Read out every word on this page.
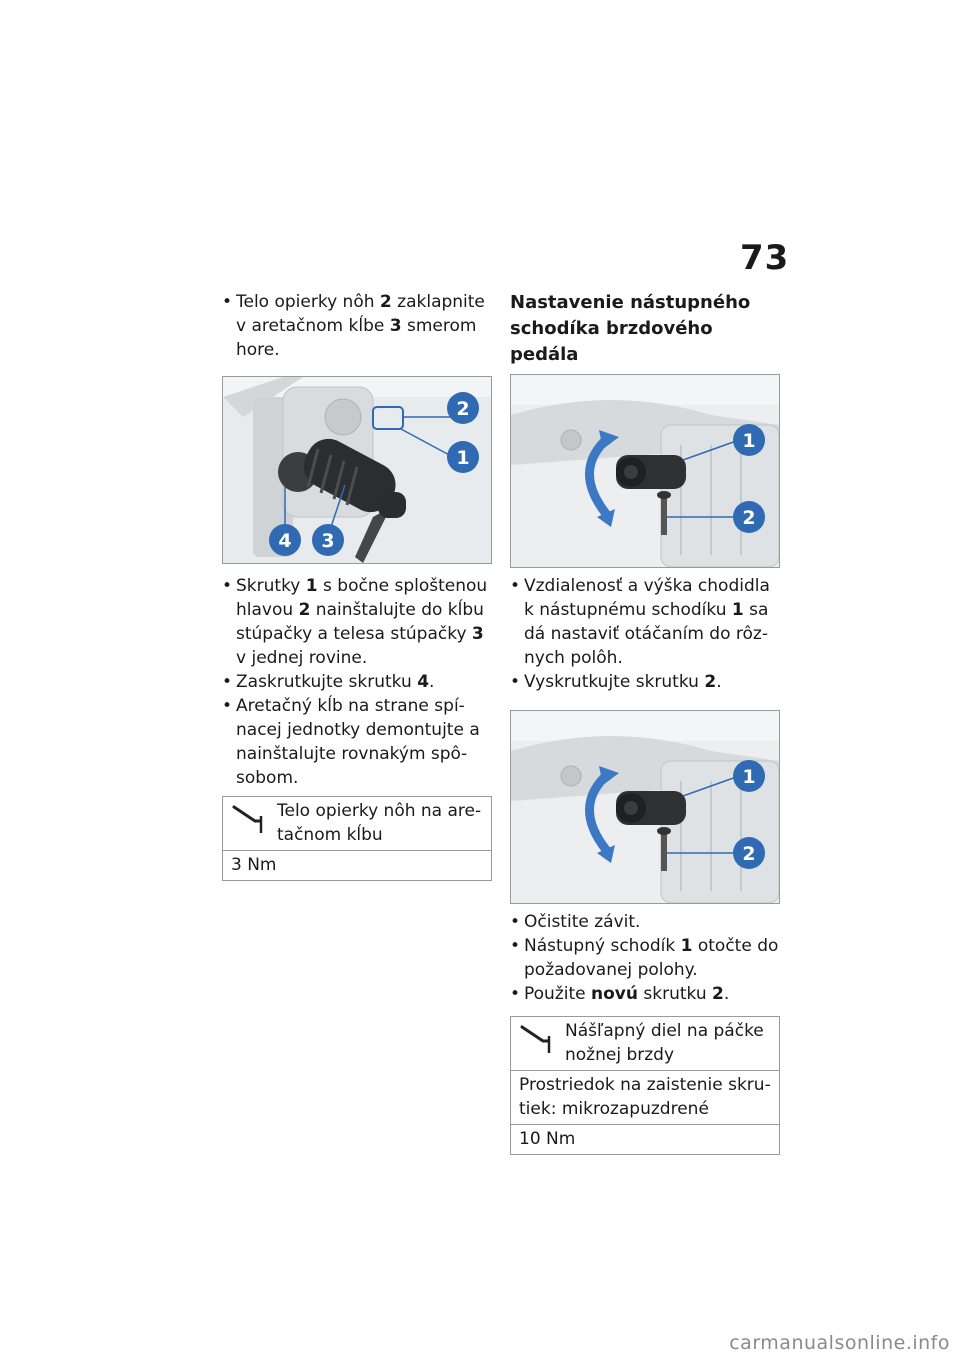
73
• Telo opierky nôh 2 zaklapnite v aretačnom kĺbe 3 smerom hore.
2
1
4 3
• Skrutky 1 s bočne sploštenou hlavou 2 nainštalujte do kĺbu stúpačky a telesa stúpačky 3 v jednej rovine.
• Zaskrutkujte skrutku 4.
• Aretačný kĺb na strane spínacej jednotky demontujte a nainštalujte rovnakým spôsobom.
Telo opierky nôh na aretačnom kĺbu
3 Nm

Nastavenie nástupného schodíka brzdového pedála

1
2
• Vzdialenosť a výška chodidla k nástupnému schodíku 1 sa dá nastaviť otáčaním do rôznych polôh.
• Vyskrutkujte skrutku 2.
1
2
• Očistite závit.
• Nástupný schodík 1 otočte do požadovanej polohy.
• Použite novú skrutku 2.
Nášľapný diel na páčke nožnej brzdy
Prostriedok na zaistenie skrutiek: mikrozapuzdrené
10 Nm
carmanualsonline.info
